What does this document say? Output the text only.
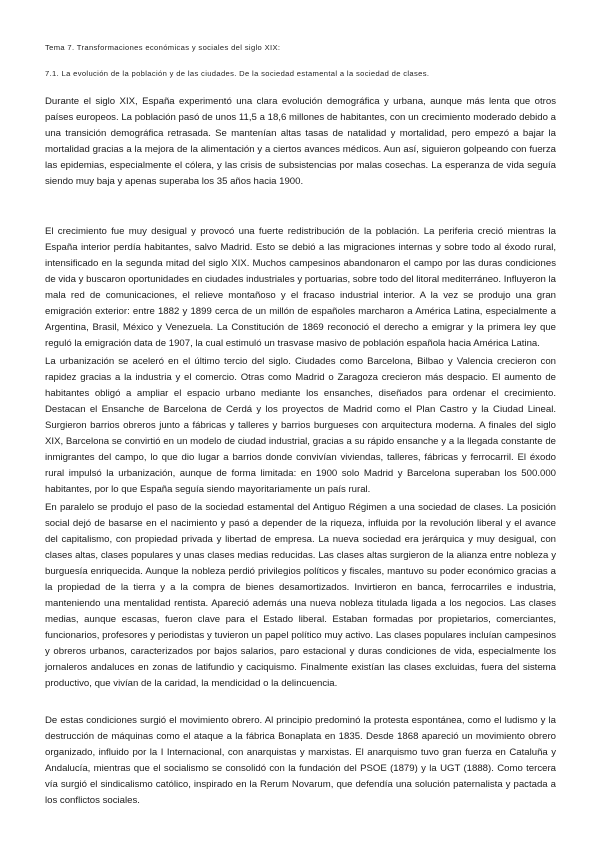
Tema 7. Transformaciones económicas y sociales del siglo XIX:
7.1. La evolución de la población y de las ciudades. De la sociedad estamental a la sociedad de clases.

Durante el siglo XIX, España experimentó una clara evolución demográfica y urbana, aunque más lenta que otros países europeos. La población pasó de unos 11,5 a 18,6 millones de habitantes, con un crecimiento moderado debido a una transición demográfica retrasada. Se mantenían altas tasas de natalidad y mortalidad, pero empezó a bajar la mortalidad gracias a la mejora de la alimentación y a ciertos avances médicos. Aun así, siguieron golpeando con fuerza las epidemias, especialmente el cólera, y las crisis de subsistencias por malas cosechas. La esperanza de vida seguía siendo muy baja y apenas superaba los 35 años hacia 1900.

El crecimiento fue muy desigual y provocó una fuerte redistribución de la población. La periferia creció mientras la España interior perdía habitantes, salvo Madrid. Esto se debió a las migraciones internas y sobre todo al éxodo rural, intensificado en la segunda mitad del siglo XIX. Muchos campesinos abandonaron el campo por las duras condiciones de vida y buscaron oportunidades en ciudades industriales y portuarias, sobre todo del litoral mediterráneo. Influyeron la mala red de comunicaciones, el relieve montañoso y el fracaso industrial interior. A la vez se produjo una gran emigración exterior: entre 1882 y 1899 cerca de un millón de españoles marcharon a América Latina, especialmente a Argentina, Brasil, México y Venezuela. La Constitución de 1869 reconoció el derecho a emigrar y la primera ley que reguló la emigración data de 1907, la cual estimuló un trasvase masivo de población española hacia América Latina.

La urbanización se aceleró en el último tercio del siglo. Ciudades como Barcelona, Bilbao y Valencia crecieron con rapidez gracias a la industria y el comercio. Otras como Madrid o Zaragoza crecieron más despacio. El aumento de habitantes obligó a ampliar el espacio urbano mediante los ensanches, diseñados para ordenar el crecimiento. Destacan el Ensanche de Barcelona de Cerdá y los proyectos de Madrid como el Plan Castro y la Ciudad Lineal. Surgieron barrios obreros junto a fábricas y talleres y barrios burgueses con arquitectura moderna. A finales del siglo XIX, Barcelona se convirtió en un modelo de ciudad industrial, gracias a su rápido ensanche y a la llegada constante de inmigrantes del campo, lo que dio lugar a barrios donde convivían viviendas, talleres, fábricas y ferrocarril. El éxodo rural impulsó la urbanización, aunque de forma limitada: en 1900 solo Madrid y Barcelona superaban los 500.000 habitantes, por lo que España seguía siendo mayoritariamente un país rural.

En paralelo se produjo el paso de la sociedad estamental del Antiguo Régimen a una sociedad de clases. La posición social dejó de basarse en el nacimiento y pasó a depender de la riqueza, influida por la revolución liberal y el avance del capitalismo, con propiedad privada y libertad de empresa. La nueva sociedad era jerárquica y muy desigual, con clases altas, clases populares y unas clases medias reducidas. Las clases altas surgieron de la alianza entre nobleza y burguesía enriquecida. Aunque la nobleza perdió privilegios políticos y fiscales, mantuvo su poder económico gracias a la propiedad de la tierra y a la compra de bienes desamortizados. Invirtieron en banca, ferrocarriles e industria, manteniendo una mentalidad rentista. Apareció además una nueva nobleza titulada ligada a los negocios. Las clases medias, aunque escasas, fueron clave para el Estado liberal. Estaban formadas por propietarios, comerciantes, funcionarios, profesores y periodistas y tuvieron un papel político muy activo. Las clases populares incluían campesinos y obreros urbanos, caracterizados por bajos salarios, paro estacional y duras condiciones de vida, especialmente los jornaleros andaluces en zonas de latifundio y caciquismo. Finalmente existían las clases excluidas, fuera del sistema productivo, que vivían de la caridad, la mendicidad o la delincuencia.

De estas condiciones surgió el movimiento obrero. Al principio predominó la protesta espontánea, como el ludismo y la destrucción de máquinas como el ataque a la fábrica Bonaplata en 1835. Desde 1868 apareció un movimiento obrero organizado, influido por la I Internacional, con anarquistas y marxistas. El anarquismo tuvo gran fuerza en Cataluña y Andalucía, mientras que el socialismo se consolidó con la fundación del PSOE (1879) y la UGT (1888). Como tercera vía surgió el sindicalismo católico, inspirado en la Rerum Novarum, que defendía una solución paternalista y pactada a los conflictos sociales.
